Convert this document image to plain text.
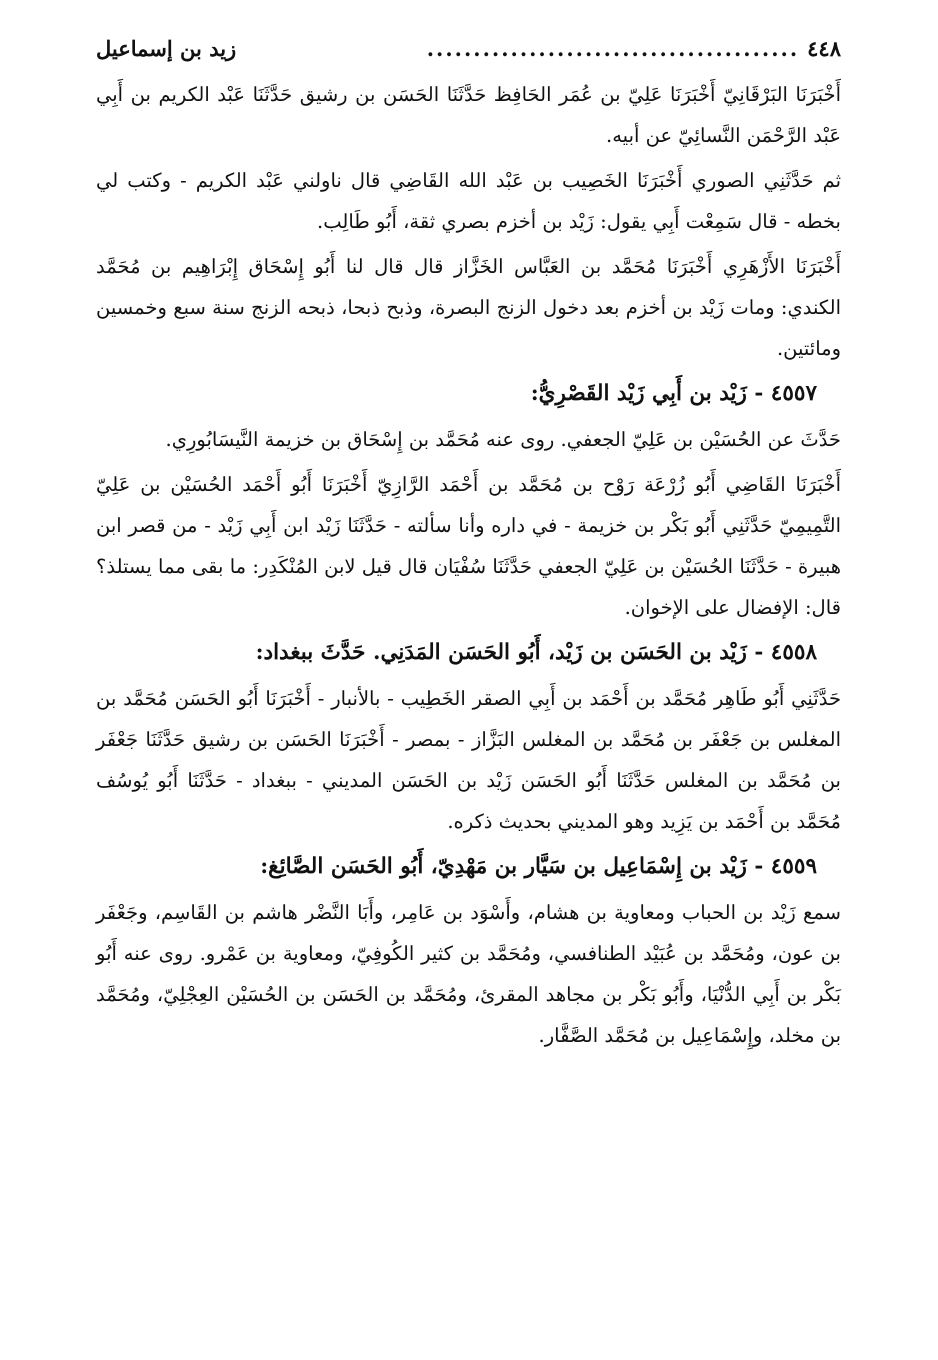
٤٤٨
........................................
زيد بن إسماعيل

أَخْبَرَنَا البَرْقَانِيّ أَخْبَرَنَا عَلِيّ بن عُمَر الحَافِظ حَدَّثَنَا الحَسَن بن رشيق حَدَّثَنَا عَبْد الكريم بن أَبِي عَبْد الرَّحْمَن النَّسائِيّ عن أبيه.

ثم حَدَّثَنِي الصوري أَخْبَرَنَا الخَصِيب بن عَبْد الله القَاضِي قال ناولني عَبْد الكريم - وكتب لي بخطه - قال سَمِعْت أَبِي يقول: زَيْد بن أخزم بصري ثقة، أَبُو طَالِب.

أَخْبَرَنَا الأَزْهَرِي أَخْبَرَنَا مُحَمَّد بن العَبَّاس الخَزَّاز قال قال لنا أَبُو إِسْحَاق إِبْرَاهِيم بن مُحَمَّد الكندي: ومات زَيْد بن أخزم بعد دخول الزنج البصرة، وذبح ذبحا، ذبحه الزنج سنة سبع وخمسين ومائتين.

٤٥٥٧ - زَيْد بن أَبِي زَيْد القَصْرِيُّ:

حَدَّثَ عن الحُسَيْن بن عَلِيّ الجعفي. روى عنه مُحَمَّد بن إِسْحَاق بن خزيمة النَّيسَابُورِي.

أَخْبَرَنَا القَاضِي أَبُو زُرْعَة رَوْح بن مُحَمَّد بن أَحْمَد الرَّازِيّ أَخْبَرَنَا أَبُو أَحْمَد الحُسَيْن بن عَلِيّ التَّمِيمِيّ حَدَّثَنِي أَبُو بَكْر بن خزيمة - في داره وأنا سألته - حَدَّثَنَا زَيْد ابن أَبِي زَيْد - من قصر ابن هبيرة - حَدَّثَنَا الحُسَيْن بن عَلِيّ الجعفي حَدَّثَنَا سُفْيَان قال قيل لابن المُنْكَدِر: ما بقى مما يستلذ؟ قال: الإفضال على الإخوان.

٤٥٥٨ - زَيْد بن الحَسَن بن زَيْد، أَبُو الحَسَن المَدَنِي. حَدَّثَ ببغداد:

حَدَّثَنِي أَبُو طَاهِر مُحَمَّد بن أَحْمَد بن أَبِي الصقر الخَطِيب - بالأنبار - أَخْبَرَنَا أَبُو الحَسَن مُحَمَّد بن المغلس بن جَعْفَر بن مُحَمَّد بن المغلس البَزَّاز - بمصر - أَخْبَرَنَا الحَسَن بن رشيق حَدَّثَنَا جَعْفَر بن مُحَمَّد بن المغلس حَدَّثَنَا أَبُو الحَسَن زَيْد بن الحَسَن المديني - ببغداد - حَدَّثَنَا أَبُو يُوسُف مُحَمَّد بن أَحْمَد بن يَزِيد وهو المديني بحديث ذكره.

٤٥٥٩ - زَيْد بن إِسْمَاعِيل بن سَيَّار بن مَهْدِيّ، أَبُو الحَسَن الصَّائِغ:

سمع زَيْد بن الحباب ومعاوية بن هشام، وأَسْوَد بن عَامِر، وأَبَا النَّضْر هاشم بن القَاسِم، وجَعْفَر بن عون، ومُحَمَّد بن عُبَيْد الطنافسي، ومُحَمَّد بن كثير الكُوفِيّ، ومعاوية بن عَمْرو. روى عنه أَبُو بَكْر بن أَبِي الدُّنْيَا، وأَبُو بَكْر بن مجاهد المقرئ، ومُحَمَّد بن الحَسَن بن الحُسَيْن العِجْلِيّ، ومُحَمَّد بن مخلد، وإِسْمَاعِيل بن مُحَمَّد الصَّفَّار.
